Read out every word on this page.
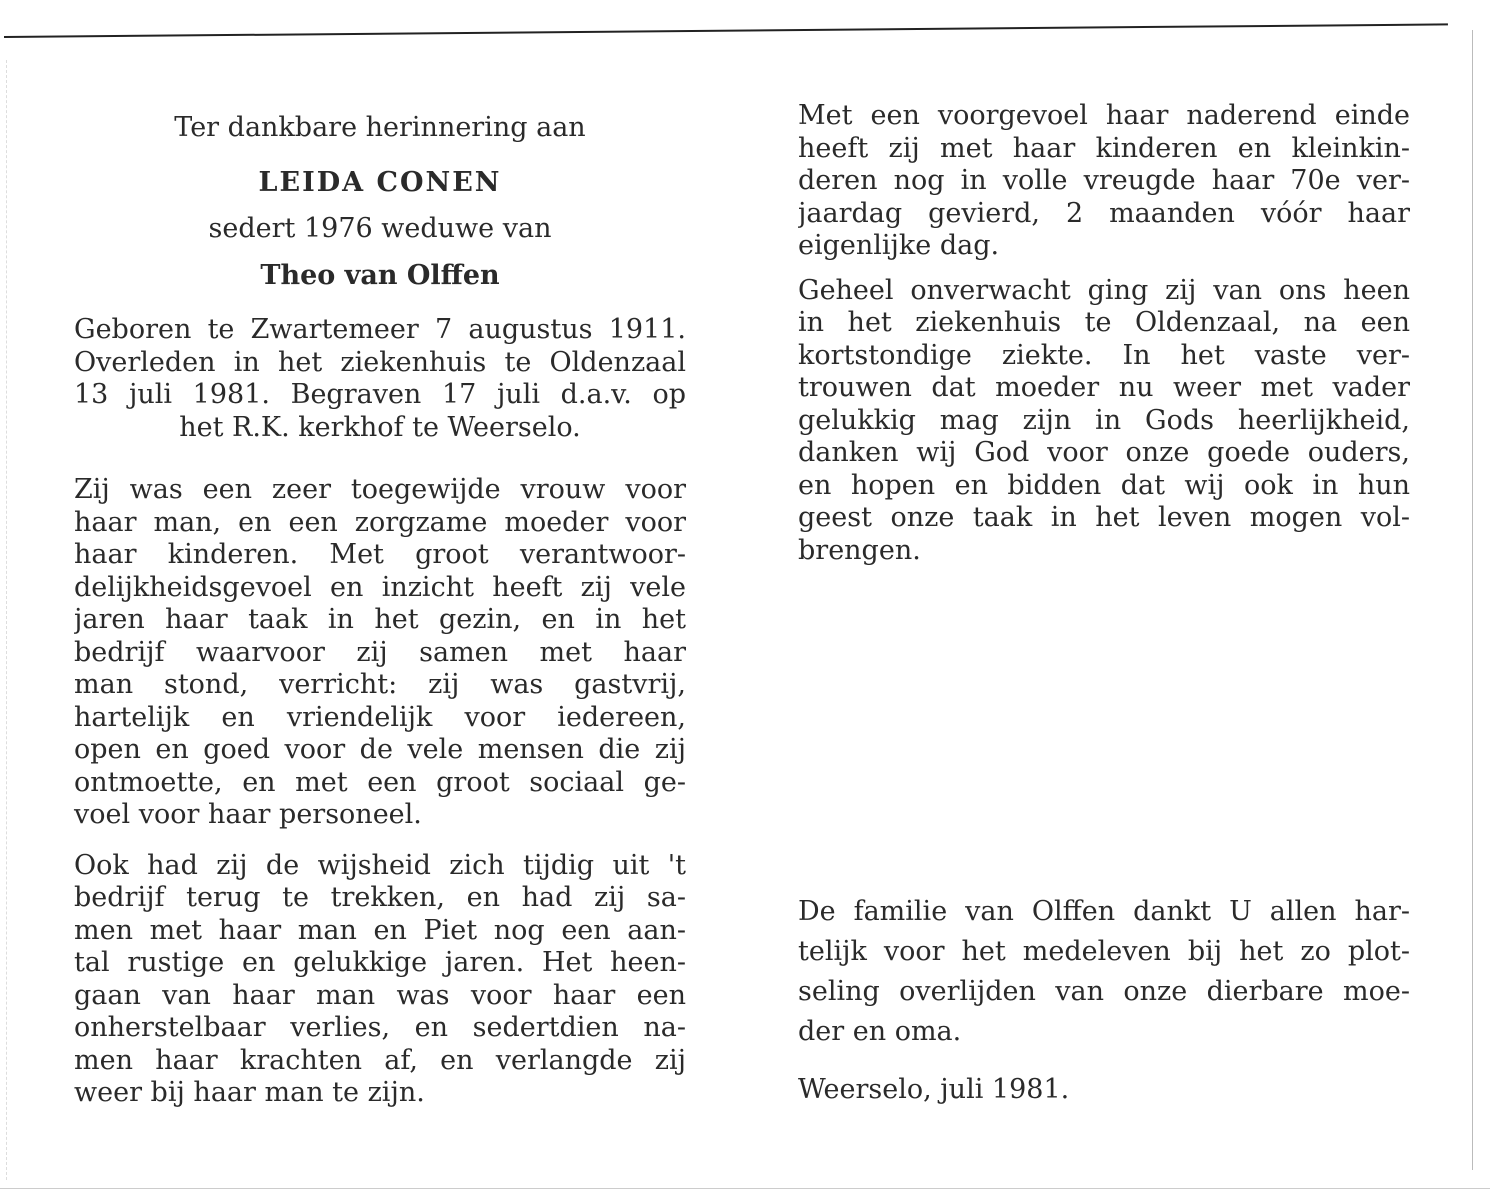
Ter dankbare herinnering aan
LEIDA CONEN
sedert 1976 weduwe van
Theo van Olffen
Geboren te Zwartemeer 7 augustus 1911.
Overleden in het ziekenhuis te Oldenzaal
13 juli 1981. Begraven 17 juli d.a.v. op
het R.K. kerkhof te Weerselo.
Zij was een zeer toegewijde vrouw voor
haar man, en een zorgzame moeder voor
haar kinderen. Met groot verantwoor-
delijkheidsgevoel en inzicht heeft zij vele
jaren haar taak in het gezin, en in het
bedrijf waarvoor zij samen met haar
man stond, verricht: zij was gastvrij,
hartelijk en vriendelijk voor iedereen,
open en goed voor de vele mensen die zij
ontmoette, en met een groot sociaal ge-
voel voor haar personeel.
Ook had zij de wijsheid zich tijdig uit 't
bedrijf terug te trekken, en had zij sa-
men met haar man en Piet nog een aan-
tal rustige en gelukkige jaren. Het heen-
gaan van haar man was voor haar een
onherstelbaar verlies, en sedertdien na-
men haar krachten af, en verlangde zij
weer bij haar man te zijn.
Met een voorgevoel haar naderend einde
heeft zij met haar kinderen en kleinkin-
deren nog in volle vreugde haar 70e ver-
jaardag gevierd, 2 maanden vóór haar
eigenlijke dag.
Geheel onverwacht ging zij van ons heen
in het ziekenhuis te Oldenzaal, na een
kortstondige ziekte. In het vaste ver-
trouwen dat moeder nu weer met vader
gelukkig mag zijn in Gods heerlijkheid,
danken wij God voor onze goede ouders,
en hopen en bidden dat wij ook in hun
geest onze taak in het leven mogen vol-
brengen.
De familie van Olffen dankt U allen har-
telijk voor het medeleven bij het zo plot-
seling overlijden van onze dierbare moe-
der en oma.
Weerselo, juli 1981.
